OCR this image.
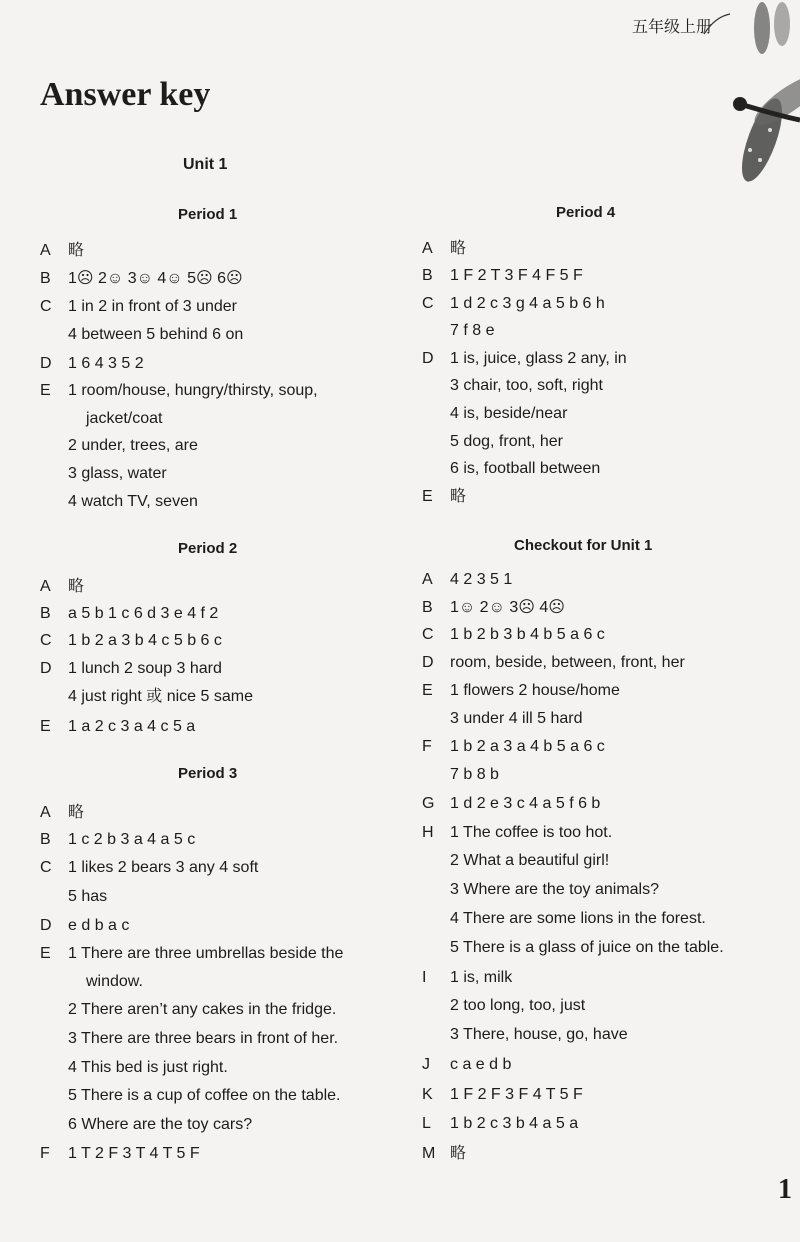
五年级上册
Answer key
Unit 1
Period 1
A	略
B	1☹ 2☺ 3☺ 4☺ 5☹ 6☹
C	1 in 2 in front of 3 under
4 between 5 behind 6 on
D	1 6 4 3 5 2
E	1 room/house, hungry/thirsty, soup,
jacket/coat
2 under, trees, are
3 glass, water
4 watch TV, seven
Period 2
A	略
B	a 5 b 1 c 6 d 3 e 4 f 2
C	1 b 2 a 3 b 4 c 5 b 6 c
D	1 lunch 2 soup 3 hard
4 just right 或 nice 5 same
E	1 a 2 c 3 a 4 c 5 a
Period 3
A	略
B	1 c 2 b 3 a 4 a 5 c
C	1 likes 2 bears 3 any 4 soft
5 has
D	e d b a c
E	1 There are three umbrellas beside the
window.
2 There aren’t any cakes in the fridge.
3 There are three bears in front of her.
4 This bed is just right.
5 There is a cup of coffee on the table.
6 Where are the toy cars?
F	1 T 2 F 3 T 4 T 5 F
Period 4
A	略
B	1 F 2 T 3 F 4 F 5 F
C	1 d 2 c 3 g 4 a 5 b 6 h
7 f 8 e
D	1 is, juice, glass 2 any, in
3 chair, too, soft, right
4 is, beside/near
5 dog, front, her
6 is, football between
E	略
Checkout for Unit 1
A	4 2 3 5 1
B	1☺ 2☺ 3☹ 4☹
C	1 b 2 b 3 b 4 b 5 a 6 c
D	room, beside, between, front, her
E	1 flowers 2 house/home
3 under 4 ill 5 hard
F	1 b 2 a 3 a 4 b 5 a 6 c
7 b 8 b
G 1 d 2 e 3 c 4 a 5 f 6 b
H	1 The coffee is too hot.
2 What a beautiful girl!
3 Where are the toy animals?
4 There are some lions in the forest.
5 There is a glass of juice on the table.
I	1 is, milk
2 too long, too, just
3 There, house, go, have
J	c a e d b
K	1 F 2 F 3 F 4 T 5 F
L	1 b 2 c 3 b 4 a 5 a
M 略
1
